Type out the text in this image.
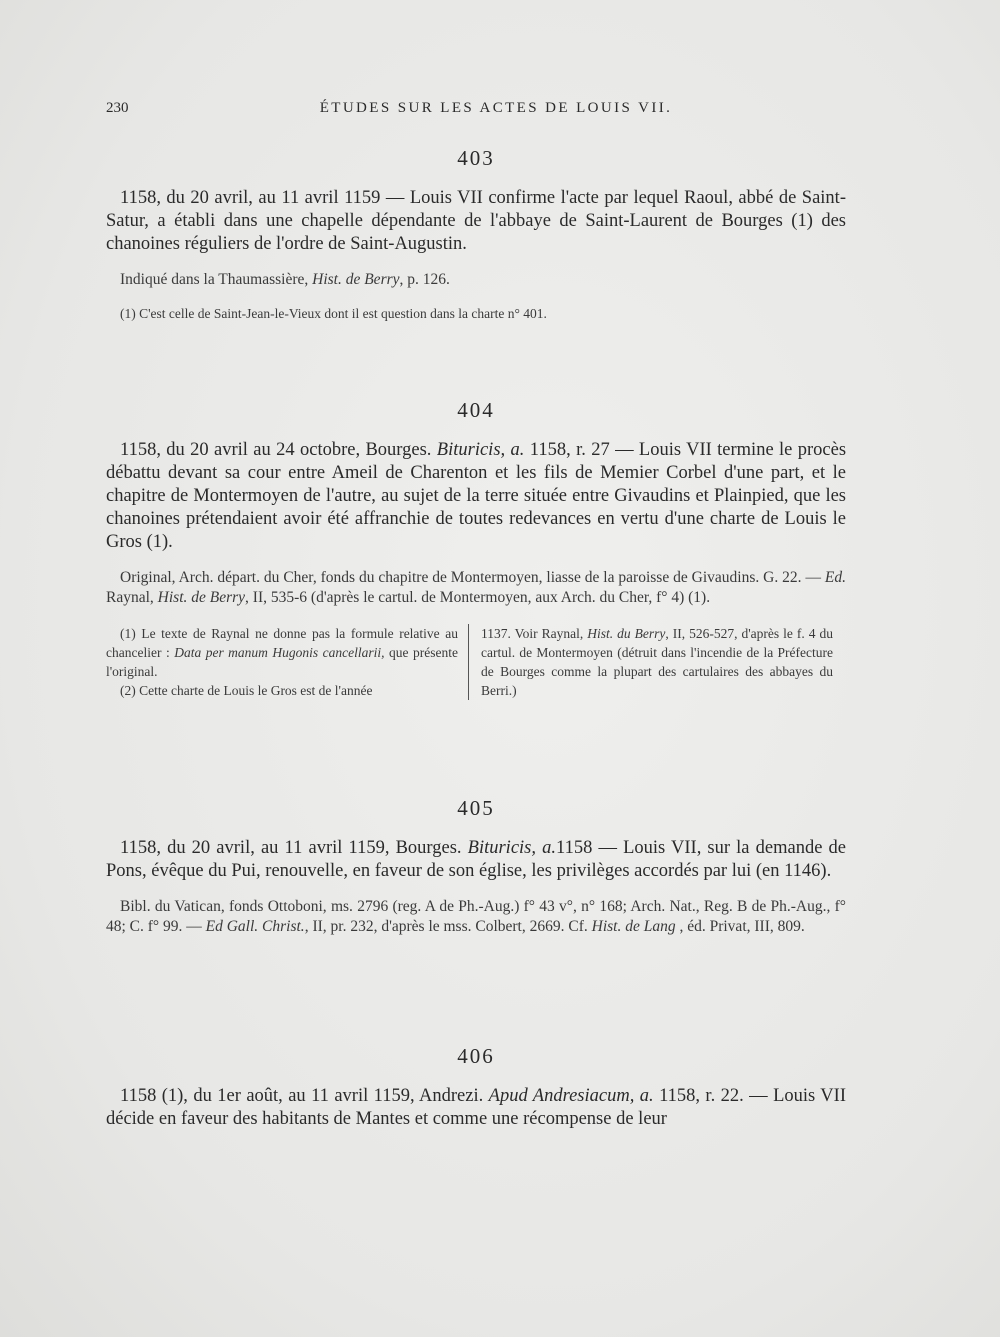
230	ÉTUDES SUR LES ACTES DE LOUIS VII.
403

1158, du 20 avril, au 11 avril 1159 — Louis VII confirme l'acte par lequel Raoul, abbé de Saint-Satur, a établi dans une chapelle dépendante de l'abbaye de Saint-Laurent de Bourges (1) des chanoines réguliers de l'ordre de Saint-Augustin.

Indiqué dans la Thaumassière, Hist. de Berry, p. 126.

(1) C'est celle de Saint-Jean-le-Vieux dont il est question dans la charte n° 401.

404

1158, du 20 avril au 24 octobre, Bourges. Bituricis, a. 1158, r. 27 — Louis VII termine le procès débattu devant sa cour entre Ameil de Charenton et les fils de Memier Corbel d'une part, et le chapitre de Montermoyen de l'autre, au sujet de la terre située entre Givaudins et Plainpied, que les chanoines prétendaient avoir été affranchie de toutes redevances en vertu d'une charte de Louis le Gros (1).

Original, Arch. départ. du Cher, fonds du chapitre de Montermoyen, liasse de la paroisse de Givaudins. G. 22. — Ed. Raynal, Hist. de Berry, II, 535-6 (d'après le cartul. de Montermoyen, aux Arch. du Cher, f° 4) (1).

(1) Le texte de Raynal ne donne pas la formule relative au chancelier : Data per manum Hugonis cancellarii, que présente l'original.

(2) Cette charte de Louis le Gros est de l'année

1137. Voir Raynal, Hist. du Berry, II, 526-527, d'après le f. 4 du cartul. de Montermoyen (détruit dans l'incendie de la Préfecture de Bourges comme la plupart des cartulaires des abbayes du Berri.)

405

1158, du 20 avril, au 11 avril 1159, Bourges. Bituricis, a.1158 — Louis VII, sur la demande de Pons, évêque du Pui, renouvelle, en faveur de son église, les privilèges accordés par lui (en 1146).

Bibl. du Vatican, fonds Ottoboni, ms. 2796 (reg. A de Ph.-Aug.) f° 43 v°, n° 168; Arch. Nat., Reg. B de Ph.-Aug., f° 48; C. f° 99. — Ed Gall. Christ., II, pr. 232, d'après le mss. Colbert, 2669. Cf. Hist. de Lang , éd. Privat, III, 809.

406

1158 (1), du 1er août, au 11 avril 1159, Andrezi. Apud Andresiacum, a. 1158, r. 22. — Louis VII décide en faveur des habitants de Mantes et comme une récompense de leur
